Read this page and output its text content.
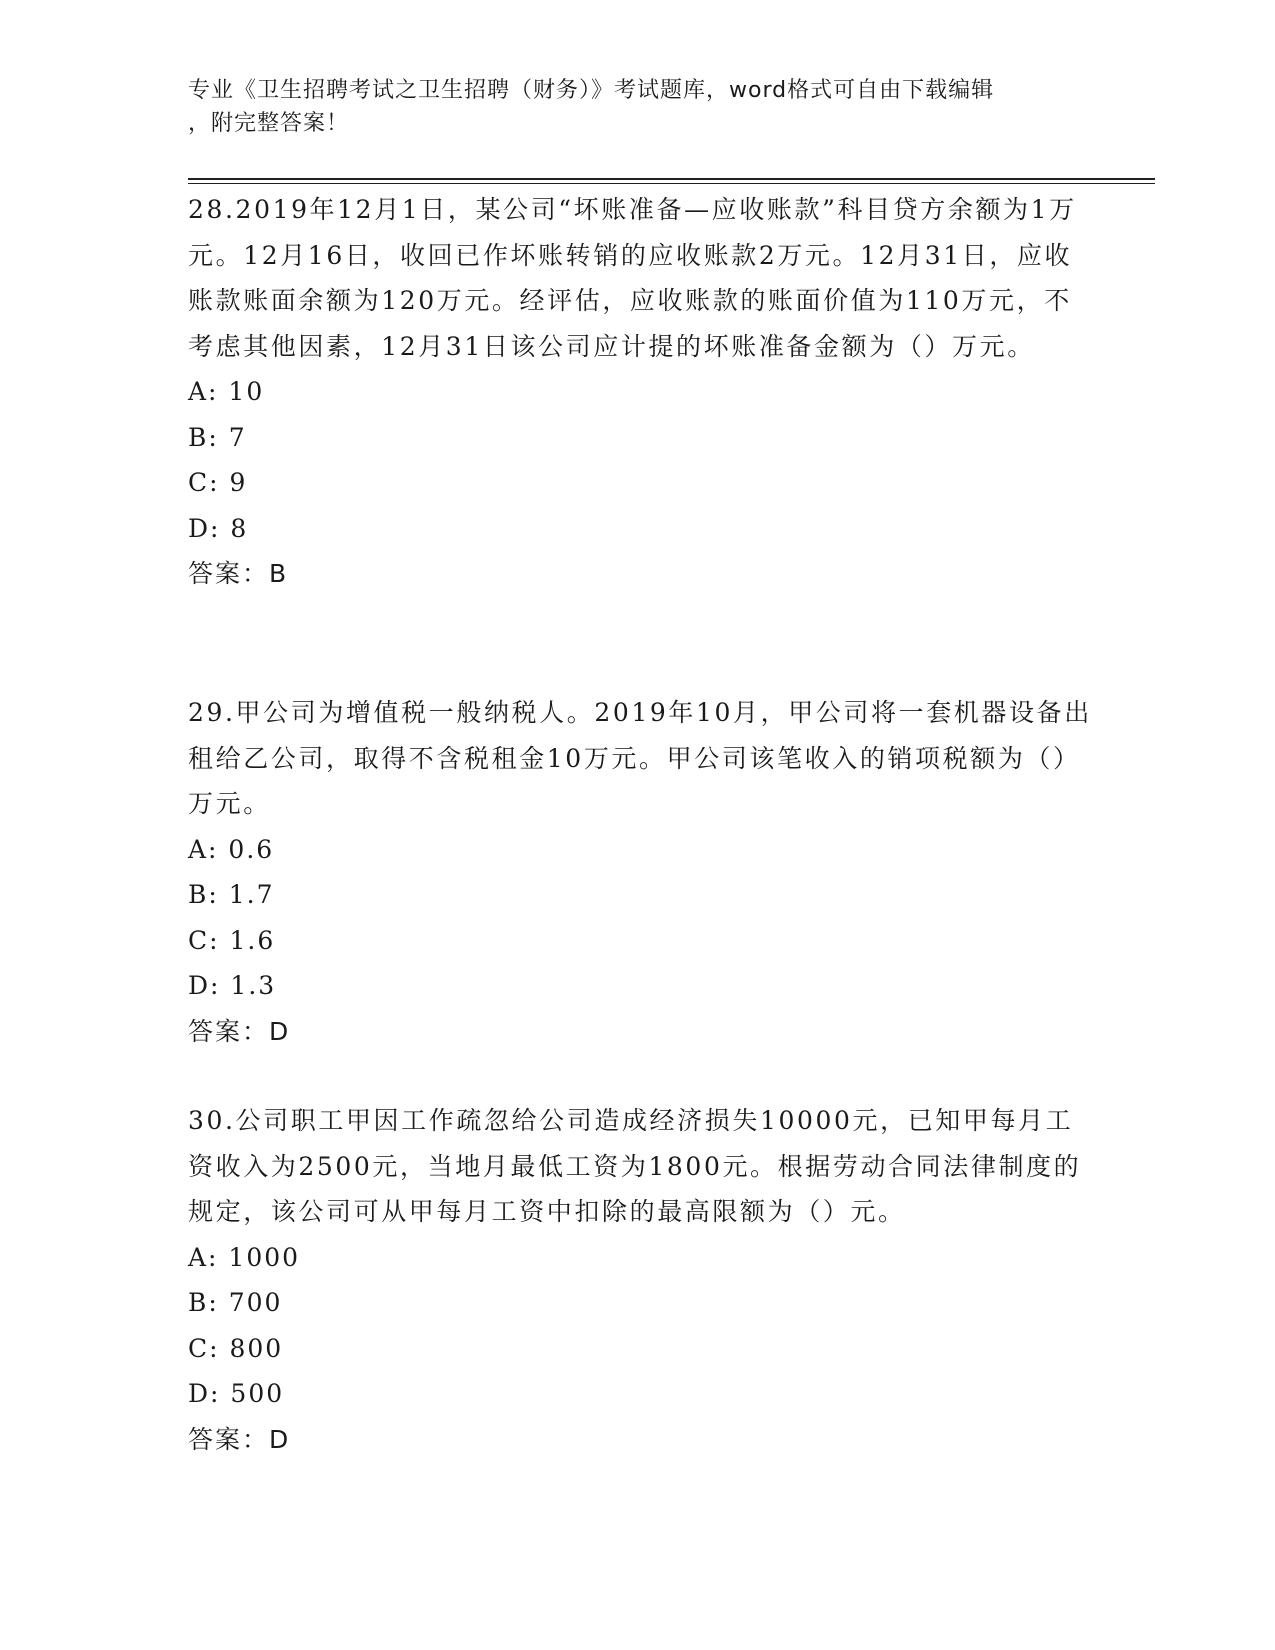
专业《卫生招聘考试之卫生招聘（财务）》考试题库，word格式可自由下载编辑
，附完整答案！

28.2019年12月1日，某公司“坏账准备—应收账款”科目贷方余额为1万元。12月16日，收回已作坏账转销的应收账款2万元。12月31日，应收账款账面余额为120万元。经评估，应收账款的账面价值为110万元，不考虑其他因素，12月31日该公司应计提的坏账准备金额为（）万元。

A: 10

B: 7

C: 9

D: 8

答案：B

29.甲公司为增值税一般纳税人。2019年10月，甲公司将一套机器设备出租给乙公司，取得不含税租金10万元。甲公司该笔收入的销项税额为（）万元。

A: 0.6

B: 1.7

C: 1.6

D: 1.3

答案：D

30.公司职工甲因工作疏忽给公司造成经济损失10000元，已知甲每月工资收入为2500元，当地月最低工资为1800元。根据劳动合同法律制度的规定，该公司可从甲每月工资中扣除的最高限额为（）元。

A: 1000

B: 700

C: 800

D: 500

答案：D
